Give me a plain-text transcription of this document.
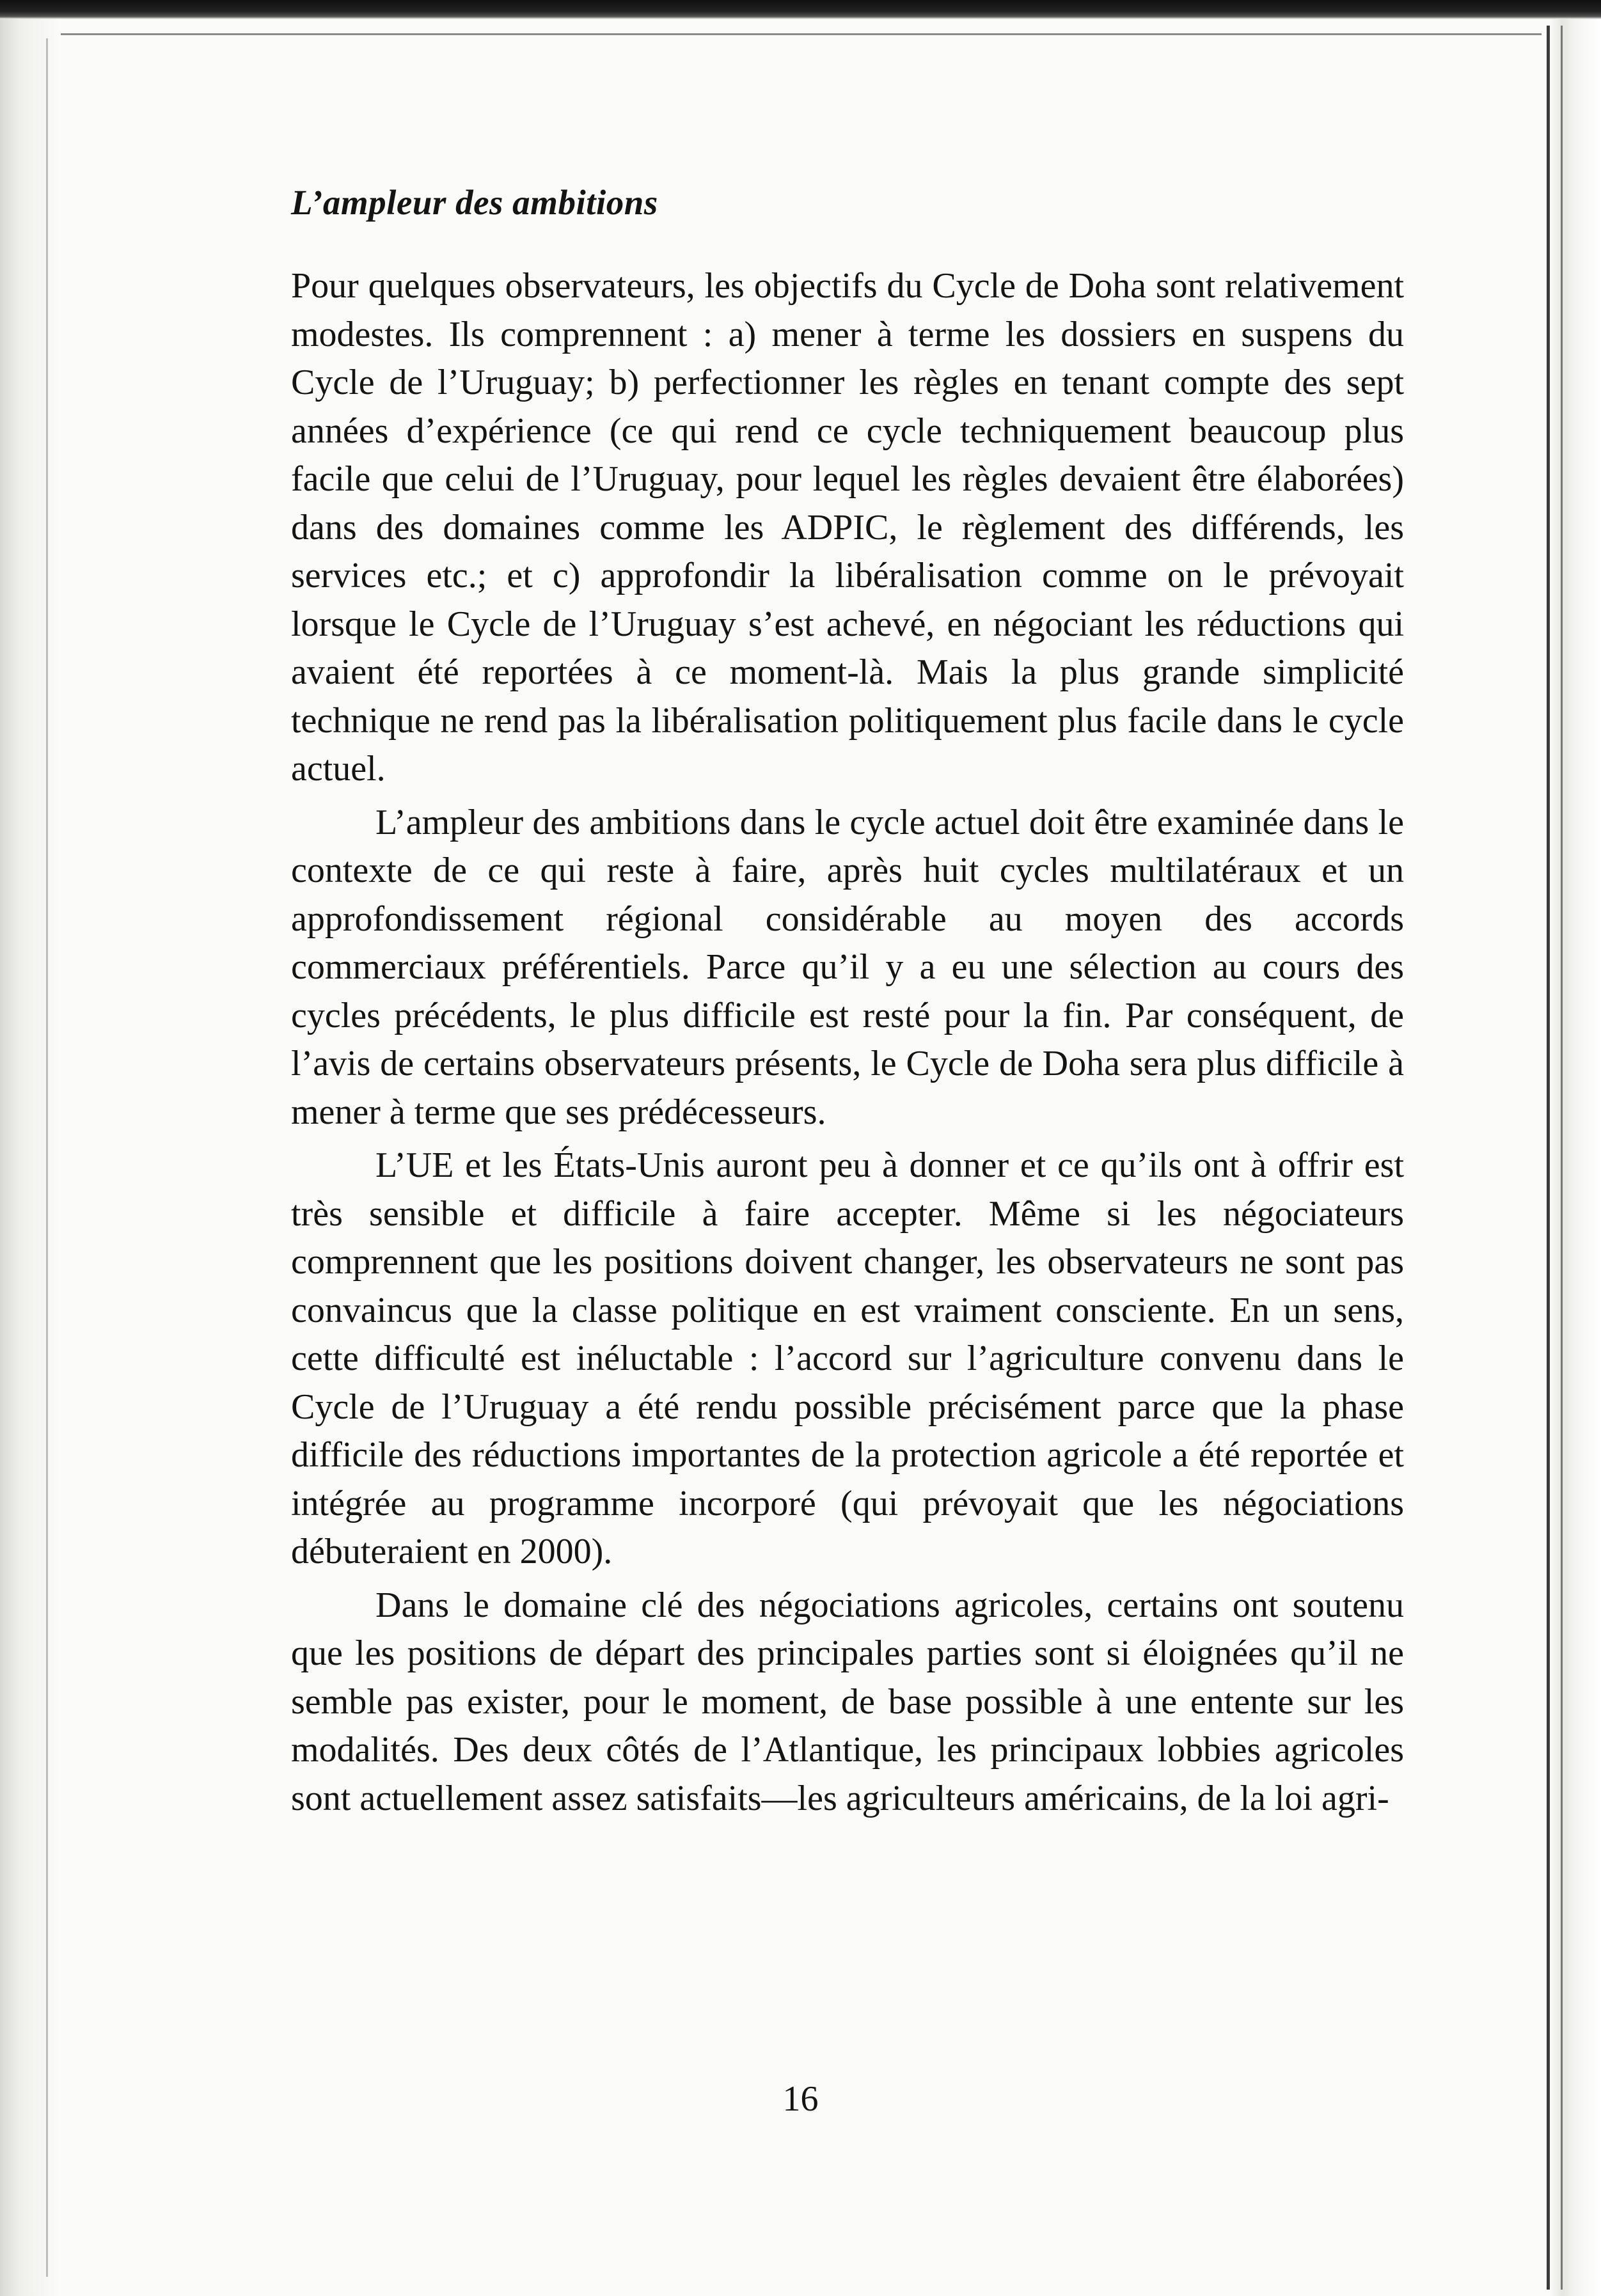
L’ampleur des ambitions

Pour quelques observateurs, les objectifs du Cycle de Doha sont relativement modestes. Ils comprennent : a) mener à terme les dossiers en suspens du Cycle de l’Uruguay; b) perfectionner les règles en tenant compte des sept années d’expérience (ce qui rend ce cycle techniquement beaucoup plus facile que celui de l’Uruguay, pour lequel les règles devaient être élaborées) dans des domaines comme les ADPIC, le règlement des différends, les services etc.; et c) approfondir la libéralisation comme on le prévoyait lorsque le Cycle de l’Uruguay s’est achevé, en négociant les réductions qui avaient été reportées à ce moment-là. Mais la plus grande simplicité technique ne rend pas la libéralisation politiquement plus facile dans le cycle actuel.

L’ampleur des ambitions dans le cycle actuel doit être examinée dans le contexte de ce qui reste à faire, après huit cycles multilatéraux et un approfondissement régional considérable au moyen des accords commerciaux préférentiels. Parce qu’il y a eu une sélection au cours des cycles précédents, le plus difficile est resté pour la fin. Par conséquent, de l’avis de certains observateurs présents, le Cycle de Doha sera plus difficile à mener à terme que ses prédécesseurs.

L’UE et les États-Unis auront peu à donner et ce qu’ils ont à offrir est très sensible et difficile à faire accepter. Même si les négociateurs comprennent que les positions doivent changer, les observateurs ne sont pas convaincus que la classe politique en est vraiment consciente. En un sens, cette difficulté est inéluctable : l’accord sur l’agriculture convenu dans le Cycle de l’Uruguay a été rendu possible précisément parce que la phase difficile des réductions importantes de la protection agricole a été reportée et intégrée au programme incorporé (qui prévoyait que les négociations débuteraient en 2000).

Dans le domaine clé des négociations agricoles, certains ont soutenu que les positions de départ des principales parties sont si éloignées qu’il ne semble pas exister, pour le moment, de base possible à une entente sur les modalités. Des deux côtés de l’Atlantique, les principaux lobbies agricoles sont actuellement assez satisfaits—les agriculteurs américains, de la loi agri-

16
